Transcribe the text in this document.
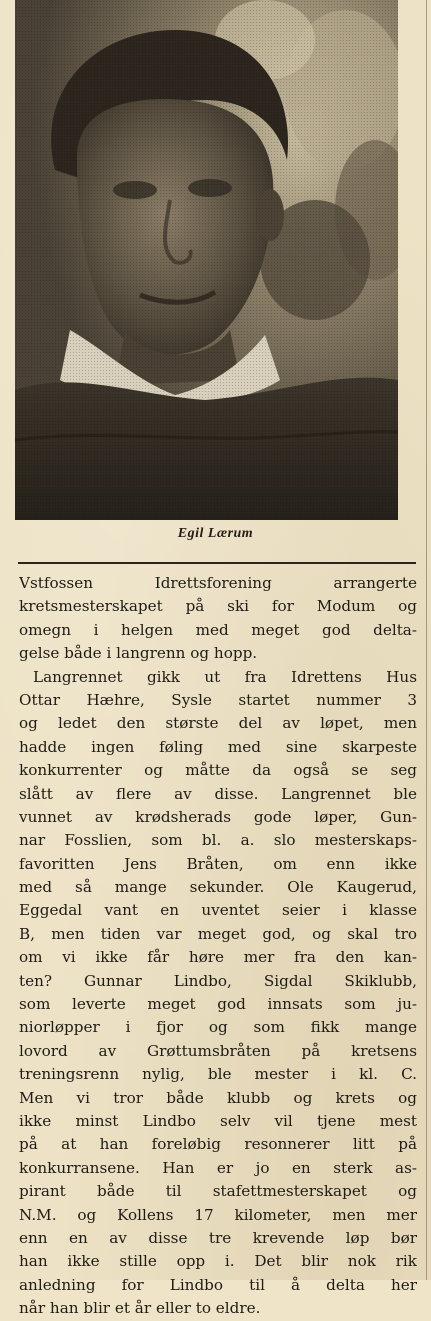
Egil Lærum
Vstfossen Idrettsforening arrangerte
kretsmesterskapet på ski for Modum og
omegn i helgen med meget god delta-
gelse både i langrenn og hopp.
Langrennet gikk ut fra Idrettens Hus
Ottar Hæhre, Sysle startet nummer 3
og ledet den største del av løpet, men
hadde ingen føling med sine skarpeste
konkurrenter og måtte da også se seg
slått av flere av disse. Langrennet ble
vunnet av krødsherads gode løper, Gun-
nar Fosslien, som bl. a. slo mesterskaps-
favoritten Jens Bråten, om enn ikke
med så mange sekunder. Ole Kaugerud,
Eggedal vant en uventet seier i klasse
B, men tiden var meget god, og skal tro
om vi ikke får høre mer fra den kan-
ten? Gunnar Lindbo, Sigdal Skiklubb,
som leverte meget god innsats som ju-
niorløpper i fjor og som fikk mange
lovord av Grøttumsbråten på kretsens
treningsrenn nylig, ble mester i kl. C.
Men vi tror både klubb og krets og
ikke minst Lindbo selv vil tjene mest
på at han foreløbig resonnerer litt på
konkurransene. Han er jo en sterk as-
pirant både til stafettmesterskapet og
N.M. og Kollens 17 kilometer, men mer
enn en av disse tre krevende løp bør
han ikke stille opp i. Det blir nok rik
anledning for Lindbo til å delta her
når han blir et år eller to eldre.
